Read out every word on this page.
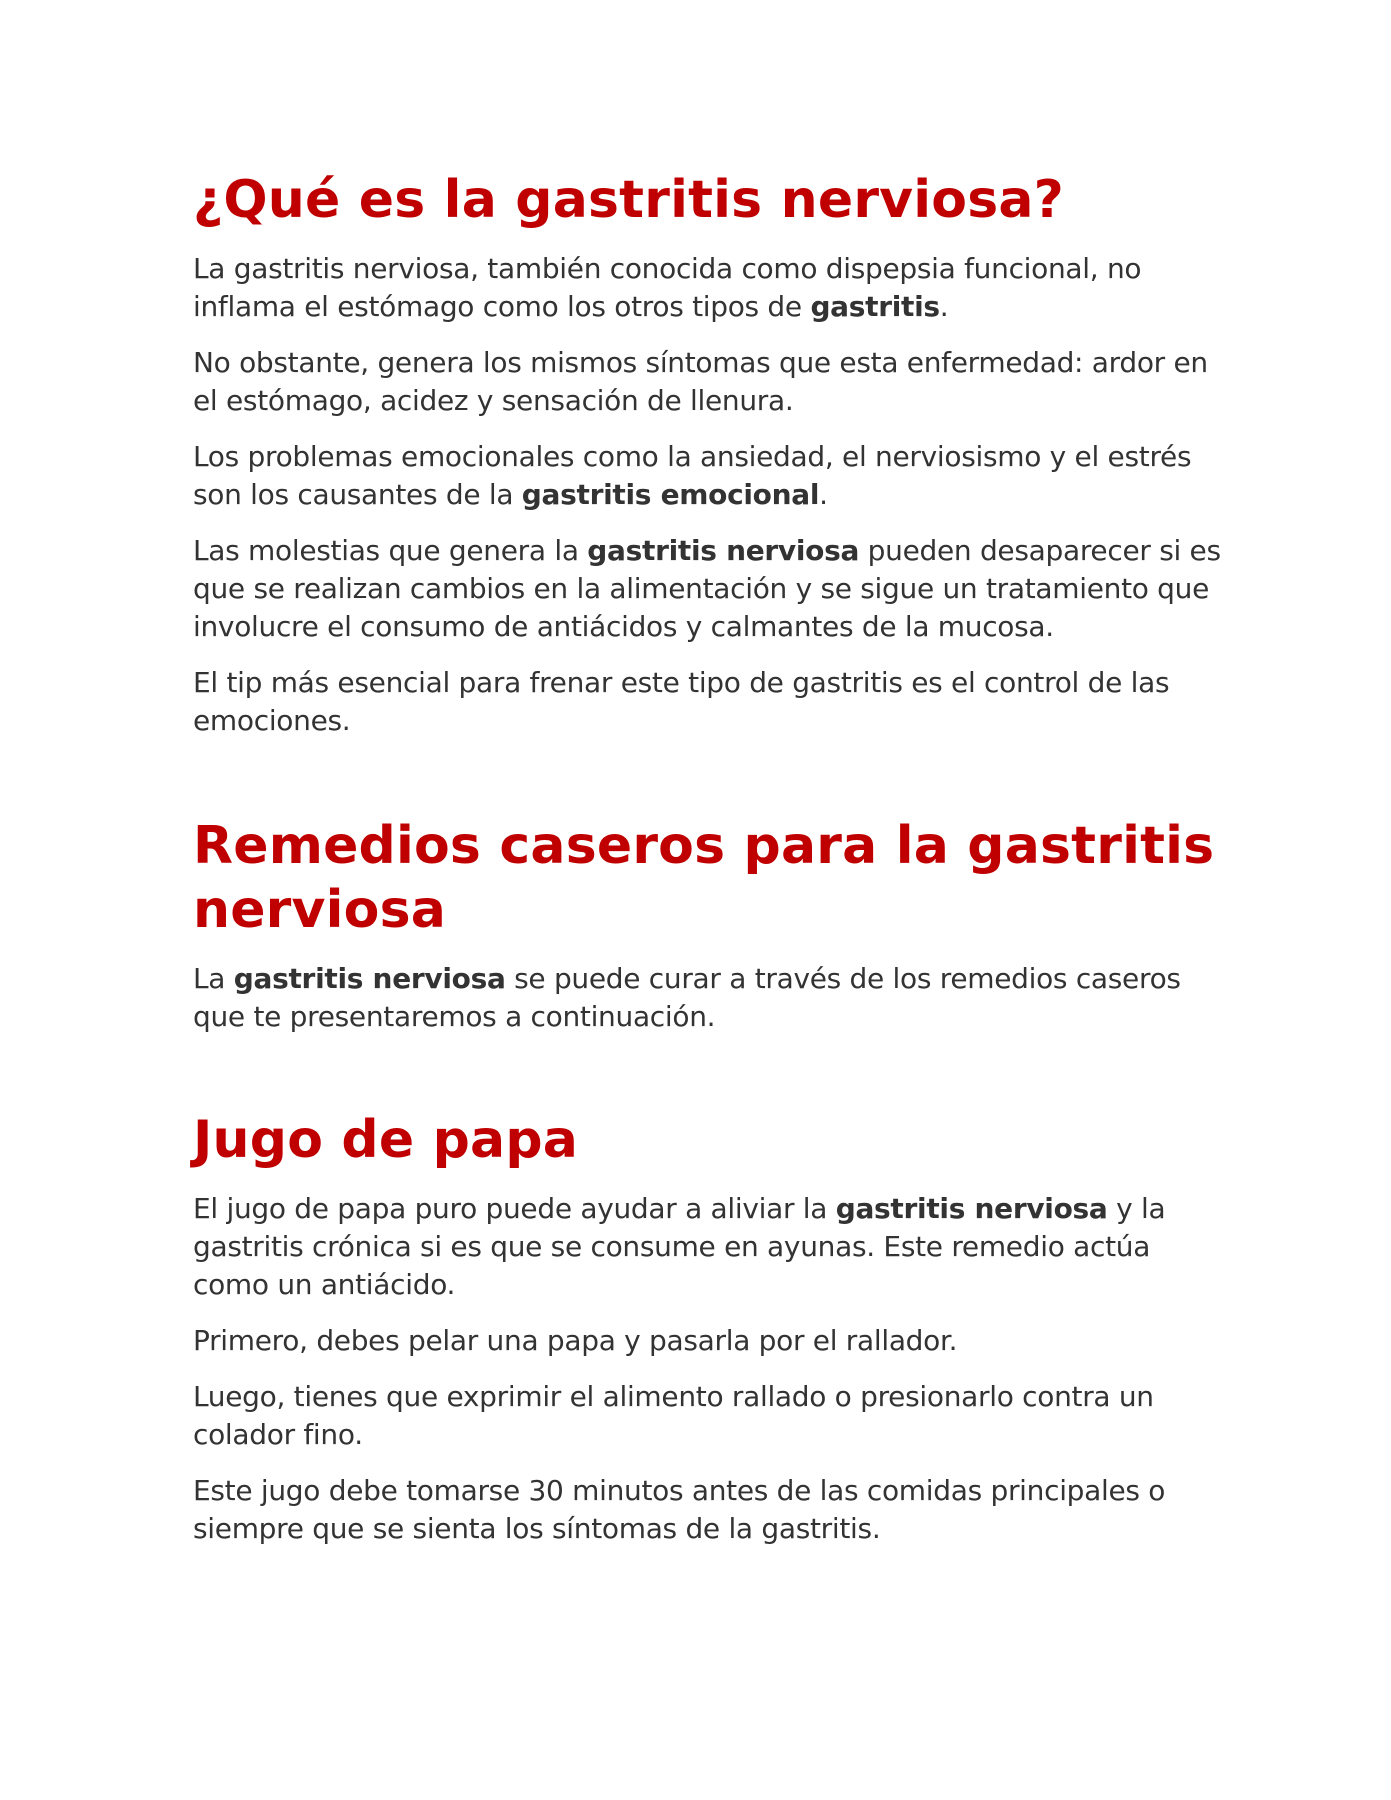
¿Qué es la gastritis nerviosa?

La gastritis nerviosa, también conocida como dispepsia funcional, no inflama el estómago como los otros tipos de gastritis.

No obstante, genera los mismos síntomas que esta enfermedad: ardor en el estómago, acidez y sensación de llenura.

Los problemas emocionales como la ansiedad, el nerviosismo y el estrés son los causantes de la gastritis emocional.

Las molestias que genera la gastritis nerviosa pueden desaparecer si es que se realizan cambios en la alimentación y se sigue un tratamiento que involucre el consumo de antiácidos y calmantes de la mucosa.

El tip más esencial para frenar este tipo de gastritis es el control de las emociones.

Remedios caseros para la gastritis nerviosa

La gastritis nerviosa se puede curar a través de los remedios caseros que te presentaremos a continuación.

Jugo de papa

El jugo de papa puro puede ayudar a aliviar la gastritis nerviosa y la gastritis crónica si es que se consume en ayunas. Este remedio actúa como un antiácido.

Primero, debes pelar una papa y pasarla por el rallador.

Luego, tienes que exprimir el alimento rallado o presionarlo contra un colador fino.

Este jugo debe tomarse 30 minutos antes de las comidas principales o siempre que se sienta los síntomas de la gastritis.
